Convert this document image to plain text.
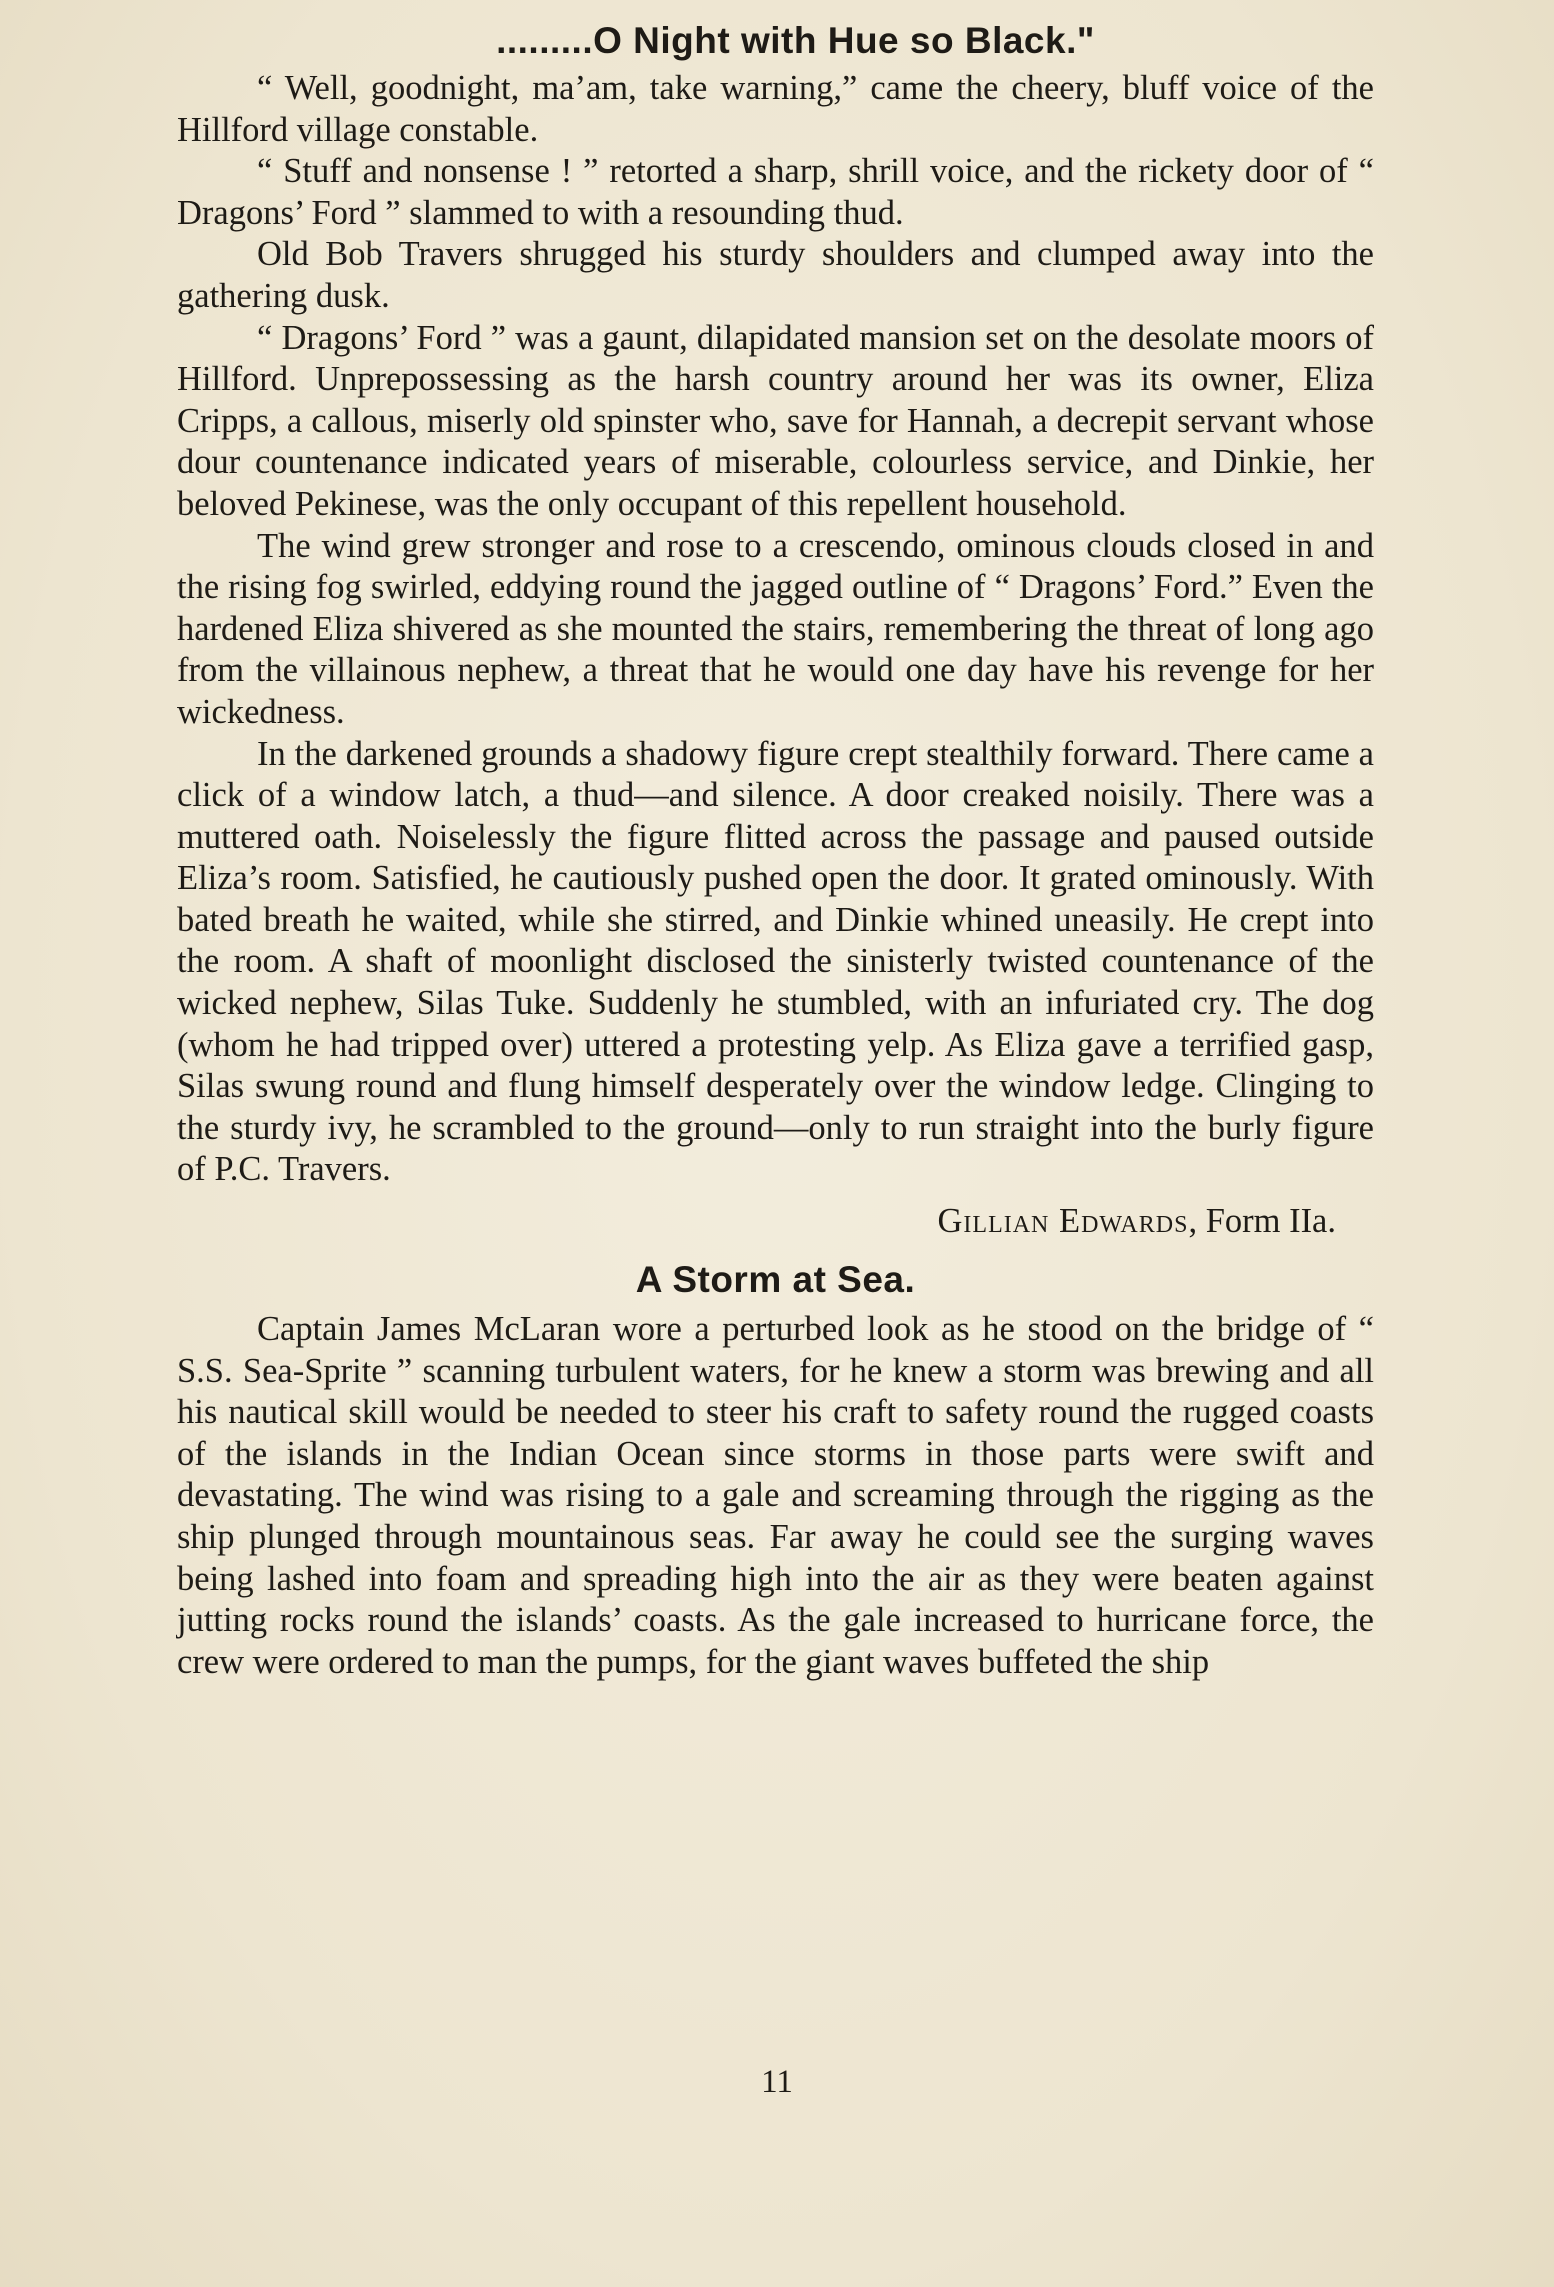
.........O Night with Hue so Black."

“ Well, goodnight, ma’am, take warning,” came the cheery, bluff voice of the Hillford village constable.

“ Stuff and nonsense ! ” retorted a sharp, shrill voice, and the rickety door of “ Dragons’ Ford ” slammed to with a resounding thud.

Old Bob Travers shrugged his sturdy shoulders and clumped away into the gathering dusk.

“ Dragons’ Ford ” was a gaunt, dilapidated mansion set on the desolate moors of Hillford. Unprepossessing as the harsh country around her was its owner, Eliza Cripps, a callous, miserly old spinster who, save for Hannah, a decrepit servant whose dour countenance indicated years of miserable, colourless service, and Dinkie, her beloved Pekinese, was the only occupant of this repellent household.

The wind grew stronger and rose to a crescendo, ominous clouds closed in and the rising fog swirled, eddying round the jagged outline of “ Dragons’ Ford.” Even the hardened Eliza shivered as she mounted the stairs, remembering the threat of long ago from the villainous nephew, a threat that he would one day have his revenge for her wickedness.

In the darkened grounds a shadowy figure crept stealthily forward. There came a click of a window latch, a thud—and silence. A door creaked noisily. There was a muttered oath. Noiselessly the figure flitted across the passage and paused outside Eliza’s room. Satisfied, he cautiously pushed open the door. It grated ominously. With bated breath he waited, while she stirred, and Dinkie whined uneasily. He crept into the room. A shaft of moonlight disclosed the sinisterly twisted countenance of the wicked nephew, Silas Tuke. Suddenly he stumbled, with an infuriated cry. The dog (whom he had tripped over) uttered a protesting yelp. As Eliza gave a terrified gasp, Silas swung round and flung himself desperately over the window ledge. Clinging to the sturdy ivy, he scrambled to the ground—only to run straight into the burly figure of P.C. Travers.

Gillian Edwards, Form IIa.
A Storm at Sea.

Captain James McLaran wore a perturbed look as he stood on the bridge of “ S.S. Sea-Sprite ” scanning turbulent waters, for he knew a storm was brewing and all his nautical skill would be needed to steer his craft to safety round the rugged coasts of the islands in the Indian Ocean since storms in those parts were swift and devastating. The wind was rising to a gale and screaming through the rigging as the ship plunged through mountainous seas. Far away he could see the surging waves being lashed into foam and spreading high into the air as they were beaten against jutting rocks round the islands’ coasts. As the gale increased to hurricane force, the crew were ordered to man the pumps, for the giant waves buffeted the ship

11
